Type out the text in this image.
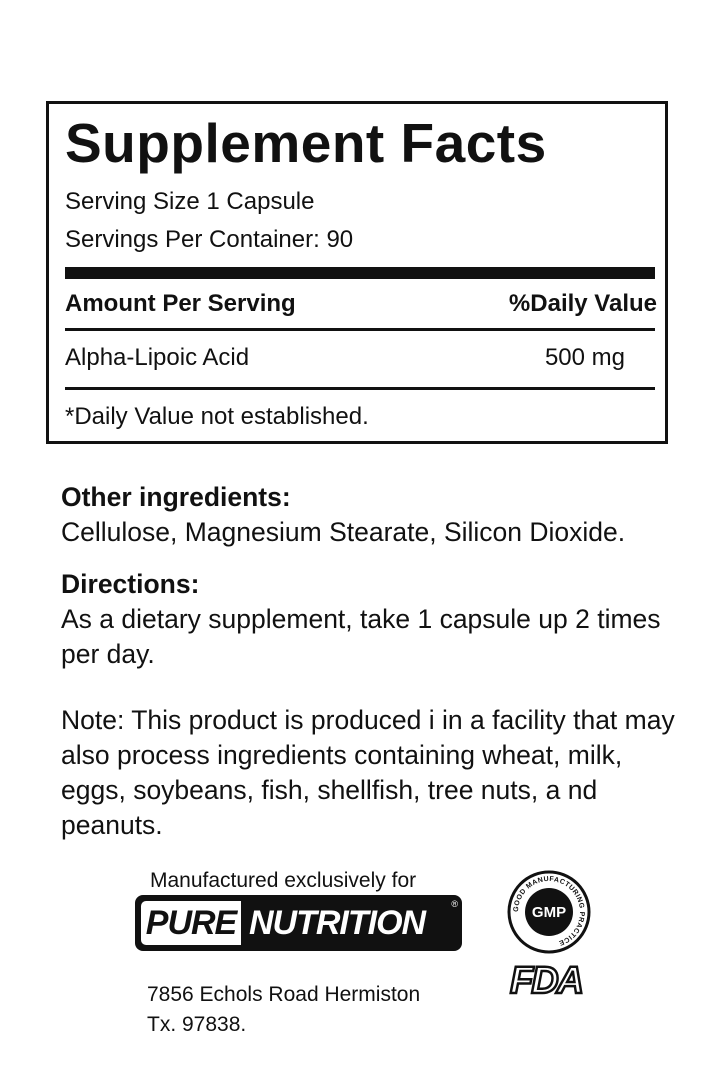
Supplement Facts
Serving Size 1 Capsule
Servings Per Container: 90
Amount Per Serving	%Daily Value
Alpha-Lipoic Acid	500 mg
*Daily Value not established.
Other ingredients:

Cellulose, Magnesium Stearate, Silicon Dioxide.

Directions:

As a dietary supplement, take 1 capsule up 2 times per day.

Note: This product is produced i in a facility that may also process ingredients containing wheat, milk, eggs, soybeans, fish, shellfish, tree nuts, a nd peanuts.

Manufactured exclusively for
PURE NUTRITION	®
7856 Echols Road Hermiston
Tx. 97838.
GOOD MANUFACTURING PRACTICE
GMP
FDA
